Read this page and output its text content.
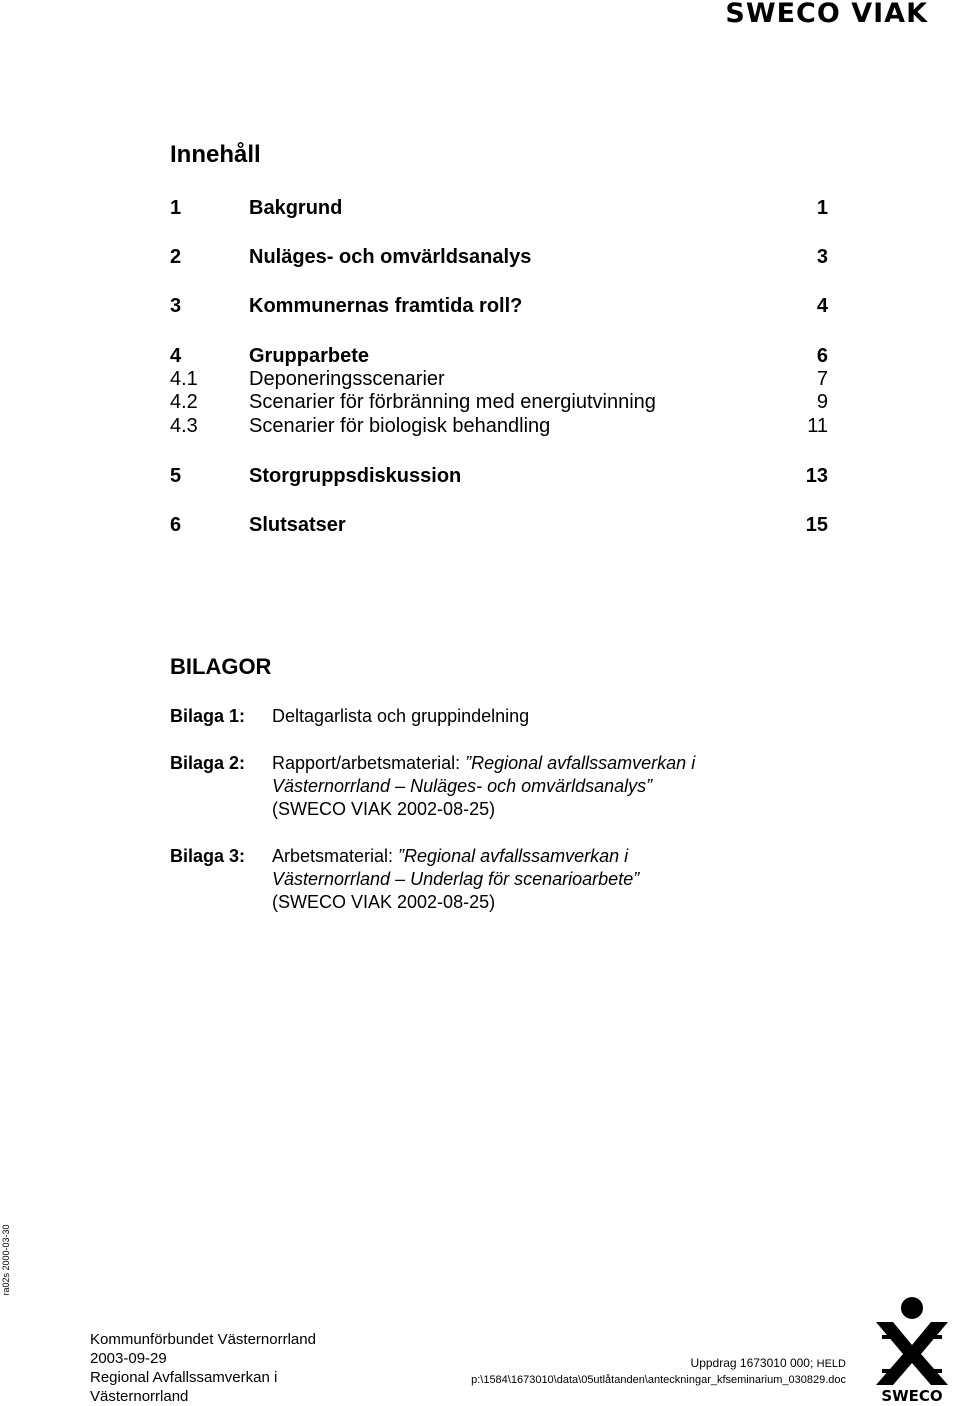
SWECO VIAK
Innehåll
1	Bakgrund	1
2	Nuläges- och omvärldsanalys	3
3	Kommunernas framtida roll?	4
4	Grupparbete	6
4.1	Deponeringsscenarier	7
4.2	Scenarier för förbränning med energiutvinning	9
4.3	Scenarier för biologisk behandling	11
5	Storgruppsdiskussion	13
6	Slutsatser	15
BILAGOR
Bilaga 1: Deltagarlista och gruppindelning
Bilaga 2: Rapport/arbetsmaterial: ”Regional avfallssamverkan i Västernorrland – Nuläges- och omvärldsanalys”
(SWECO VIAK 2002-08-25)
Bilaga 3: Arbetsmaterial: ”Regional avfallssamverkan i Västernorrland – Underlag för scenarioarbete”
(SWECO VIAK 2002-08-25)
ra02s 2000-03-30
Kommunförbundet Västernorrland
2003-09-29
Regional Avfallssamverkan i
Västernorrland
Uppdrag 1673010 000; HELD
p:\1584\1673010\data\05utlåtanden\anteckningar_kfseminarium_030829.doc
SWECO
